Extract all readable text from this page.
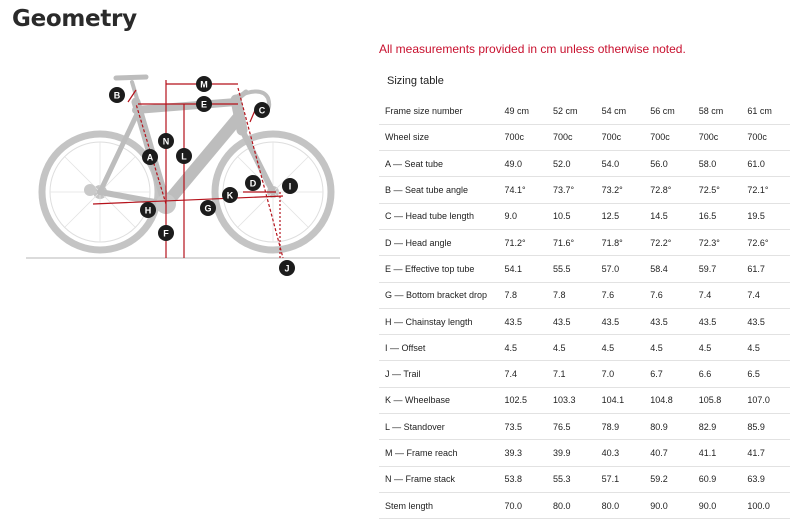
Geometry
A
B
C
D
E
F
G
H
I
J
K
L
M
N
All measurements provided in cm unless otherwise noted.
Sizing table
Frame size number	49 cm	52 cm	54 cm	56 cm	58 cm	61 cm
Wheel size	700c	700c	700c	700c	700c	700c
A — Seat tube	49.0	52.0	54.0	56.0	58.0	61.0
B — Seat tube angle	74.1°	73.7°	73.2°	72.8°	72.5°	72.1°
C — Head tube length	9.0	10.5	12.5	14.5	16.5	19.5
D — Head angle	71.2°	71.6°	71.8°	72.2°	72.3°	72.6°
E — Effective top tube	54.1	55.5	57.0	58.4	59.7	61.7
G — Bottom bracket drop	7.8	7.8	7.6	7.6	7.4	7.4
H — Chainstay length	43.5	43.5	43.5	43.5	43.5	43.5
I — Offset	4.5	4.5	4.5	4.5	4.5	4.5
J — Trail	7.4	7.1	7.0	6.7	6.6	6.5
K — Wheelbase	102.5	103.3	104.1	104.8	105.8	107.0
L — Standover	73.5	76.5	78.9	80.9	82.9	85.9
M — Frame reach	39.3	39.9	40.3	40.7	41.1	41.7
N — Frame stack	53.8	55.3	57.1	59.2	60.9	63.9
Stem length	70.0	80.0	80.0	90.0	90.0	100.0
